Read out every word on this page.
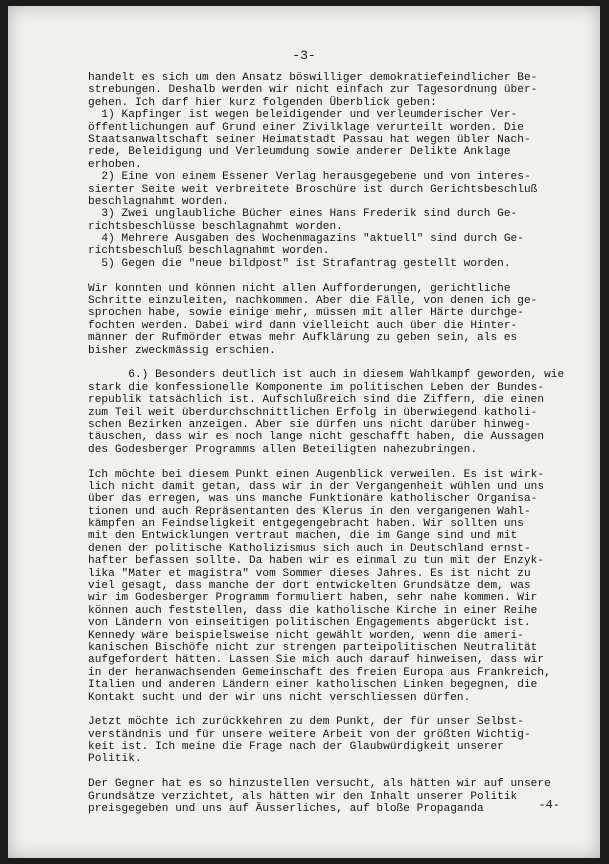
-3-
handelt es sich um den Ansatz böswilliger demokratiefeindlicher Be-
strebungen. Deshalb werden wir nicht einfach zur Tagesordnung über-
gehen. Ich darf hier kurz folgenden Überblick geben:
1) Kapfinger ist wegen beleidigender und verleumderischer Ver-
öffentlichungen auf Grund einer Zivilklage verurteilt worden. Die
Staatsanwaltschaft seiner Heimatstadt Passau hat wegen übler Nach-
rede, Beleidigung und Verleumdung sowie anderer Delikte Anklage
erhoben.
2) Eine von einem Essener Verlag herausgegebene und von interes-
sierter Seite weit verbreitete Broschüre ist durch Gerichtsbeschluß
beschlagnahmt worden.
3) Zwei unglaubliche Bücher eines Hans Frederik sind durch Ge-
richtsbeschlüsse beschlagnahmt worden.
4) Mehrere Ausgaben des Wochenmagazins "aktuell" sind durch Ge-
richtsbeschluß beschlagnahmt worden.
5) Gegen die "neue bildpost" ist Strafantrag gestellt worden.
Wir konnten und können nicht allen Aufforderungen, gerichtliche
Schritte einzuleiten, nachkommen. Aber die Fälle, von denen ich ge-
sprochen habe, sowie einige mehr, müssen mit aller Härte durchge-
fochten werden. Dabei wird dann vielleicht auch über die Hinter-
männer der Rufmörder etwas mehr Aufklärung zu geben sein, als es
bisher zweckmässig erschien.
6.) Besonders deutlich ist auch in diesem Wahlkampf geworden, wie
stark die konfessionelle Komponente im politischen Leben der Bundes-
republik tatsächlich ist. Aufschlußreich sind die Ziffern, die einen
zum Teil weit überdurchschnittlichen Erfolg in überwiegend katholi-
schen Bezirken anzeigen. Aber sie dürfen uns nicht darüber hinweg-
täuschen, dass wir es noch lange nicht geschafft haben, die Aussagen
des Godesberger Programms allen Beteiligten nahezubringen.
Ich möchte bei diesem Punkt einen Augenblick verweilen. Es ist wirk-
lich nicht damit getan, dass wir in der Vergangenheit wühlen und uns
über das erregen, was uns manche Funktionäre katholischer Organisa-
tionen und auch Repräsentanten des Klerus in den vergangenen Wahl-
kämpfen an Feindseligkeit entgegengebracht haben. Wir sollten uns
mit den Entwicklungen vertraut machen, die im Gange sind und mit
denen der politische Katholizismus sich auch in Deutschland ernst-
hafter befassen sollte. Da haben wir es einmal zu tun mit der Enzyk-
lika "Mater et magistra" vom Sommer dieses Jahres. Es ist nicht zu
viel gesagt, dass manche der dort entwickelten Grundsätze dem, was
wir im Godesberger Programm formuliert haben, sehr nahe kommen. Wir
können auch feststellen, dass die katholische Kirche in einer Reihe
von Ländern von einseitigen politischen Engagements abgerückt ist.
Kennedy wäre beispielsweise nicht gewählt worden, wenn die ameri-
kanischen Bischöfe nicht zur strengen parteipolitischen Neutralität
aufgefordert hätten. Lassen Sie mich auch darauf hinweisen, dass wir
in der heranwachsenden Gemeinschaft des freien Europa aus Frankreich,
Italien und anderen Ländern einer katholischen Linken begegnen, die
Kontakt sucht und der wir uns nicht verschliessen dürfen.
Jetzt möchte ich zurückkehren zu dem Punkt, der für unser Selbst-
verständnis und für unsere weitere Arbeit von der größten Wichtig-
keit ist. Ich meine die Frage nach der Glaubwürdigkeit unserer
Politik.
Der Gegner hat es so hinzustellen versucht, als hätten wir auf unsere
Grundsätze verzichtet, als hätten wir den Inhalt unserer Politik
preisgegeben und uns auf Äusserliches, auf bloße Propaganda	-4-
